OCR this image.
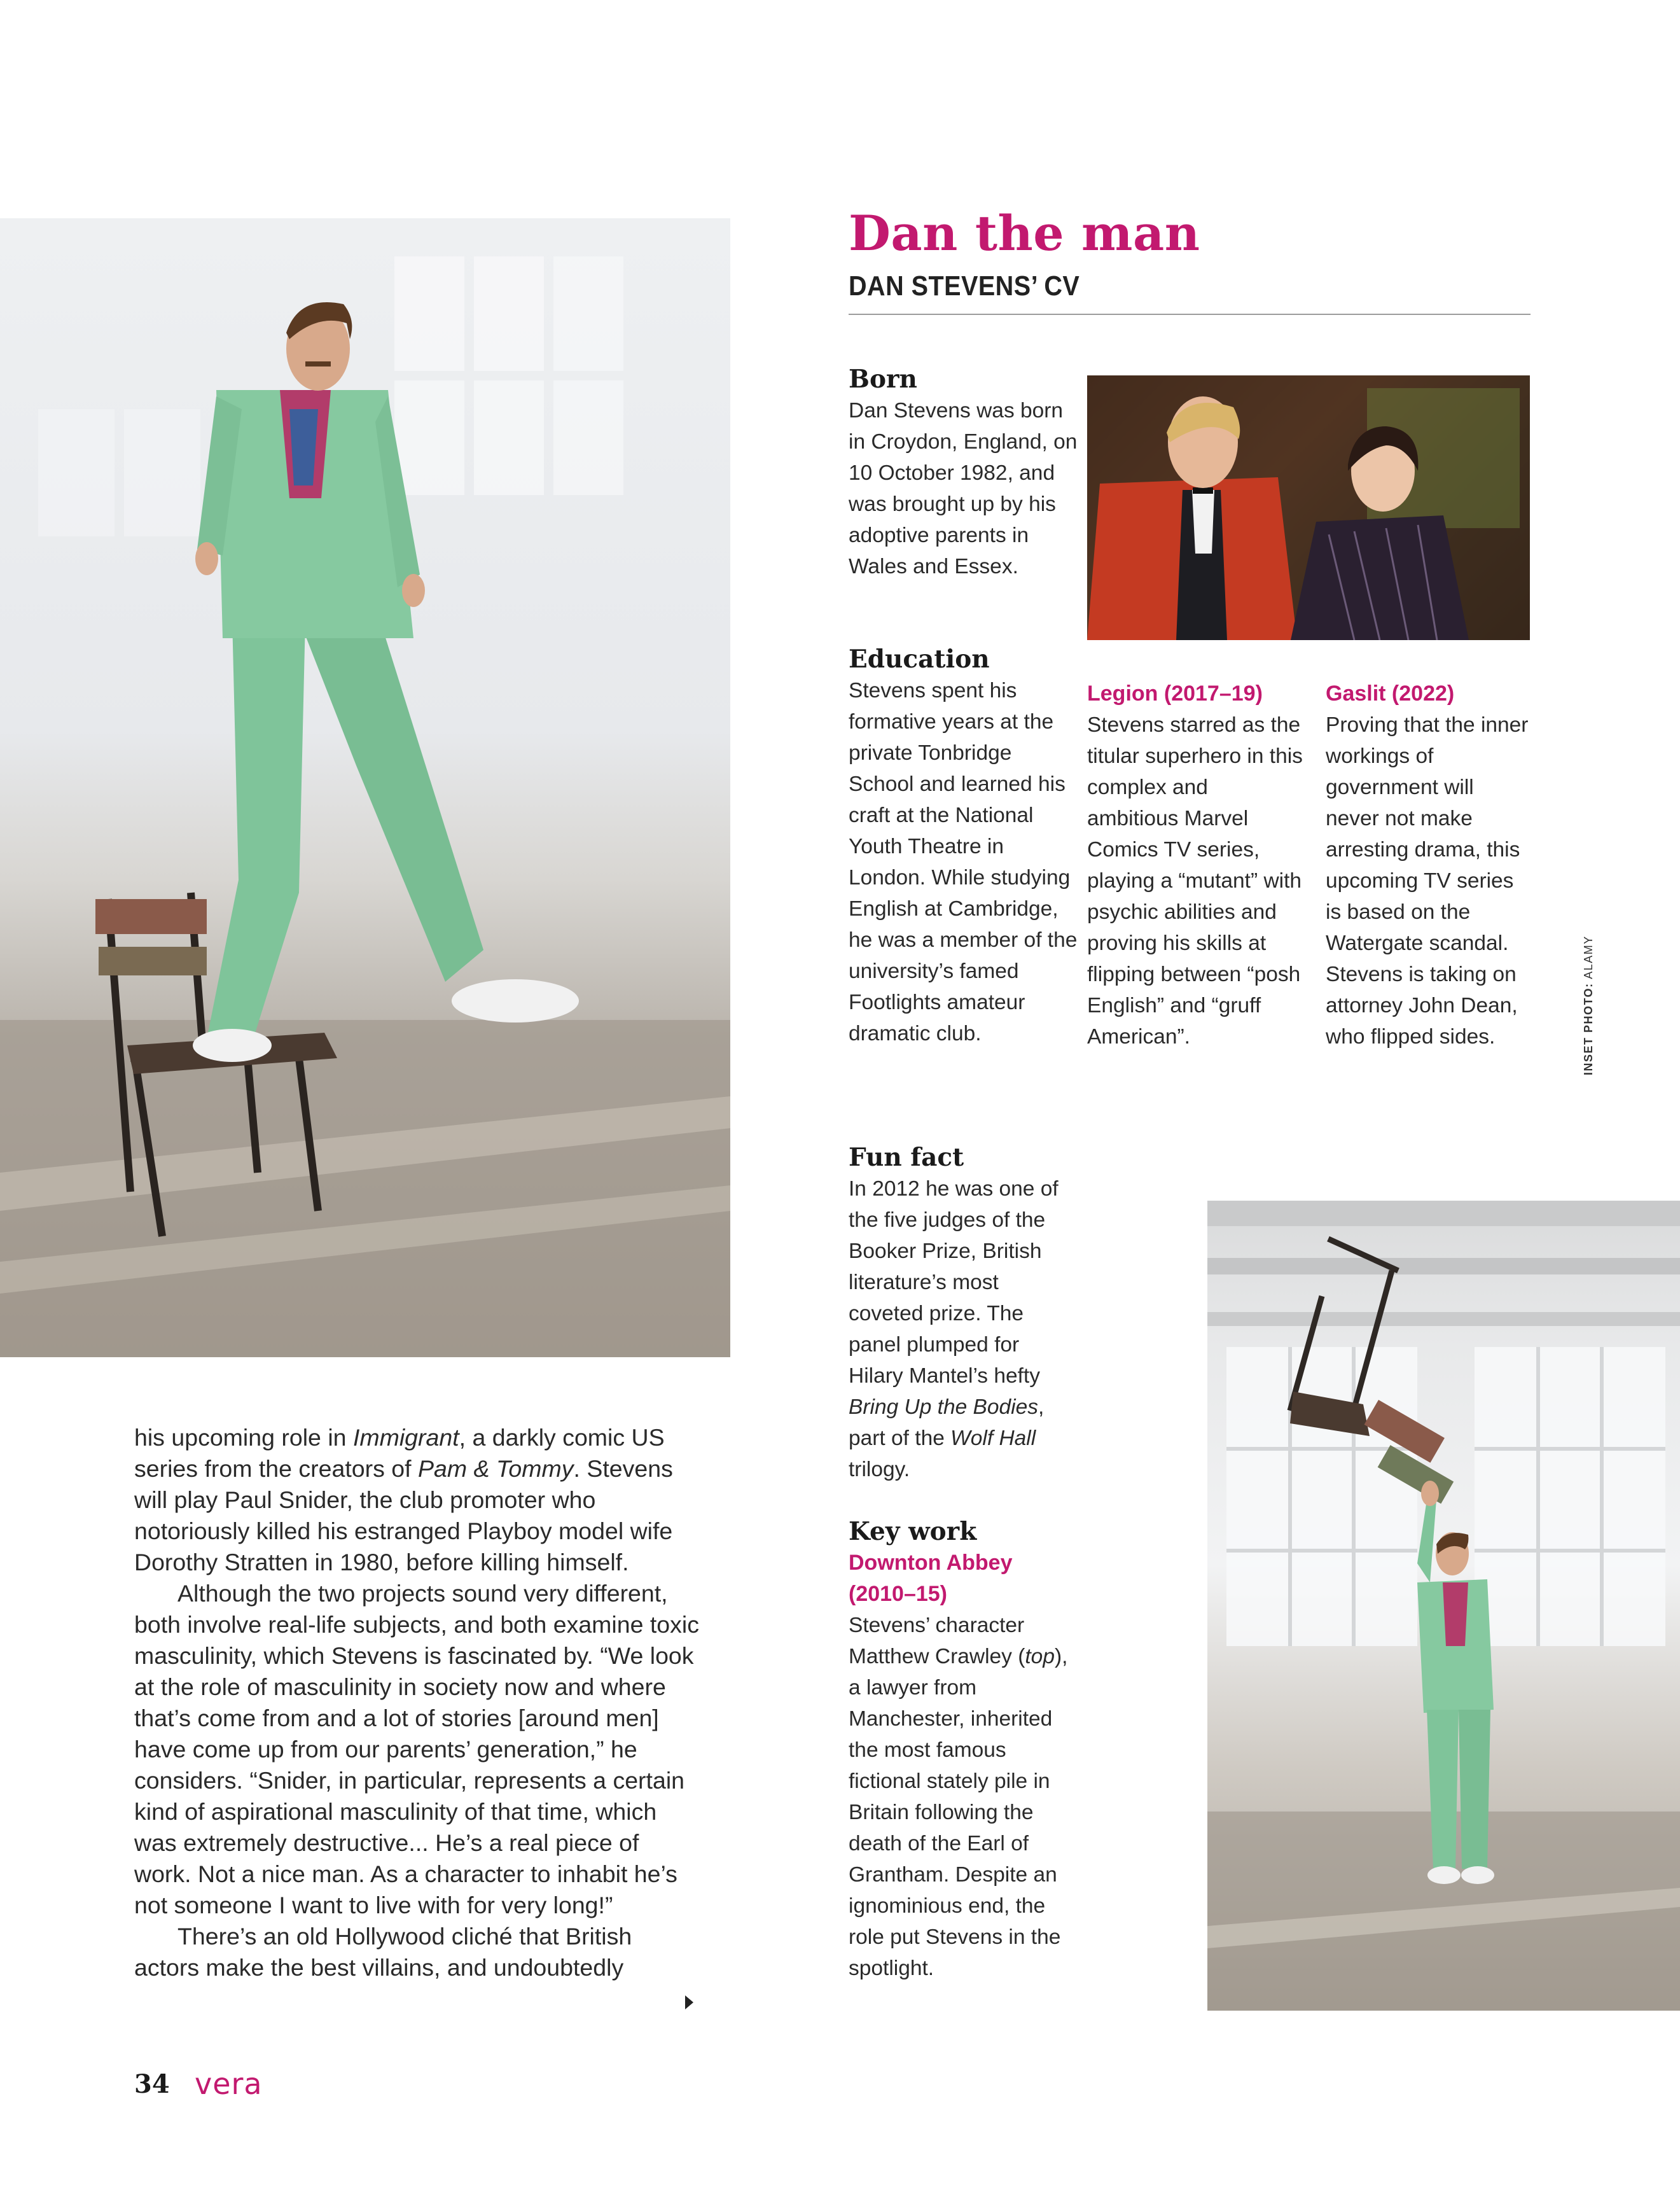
Dan the man
DAN STEVENS’ CV
Born

Dan Stevens was born in Croydon, England, on 10 October 1982, and was brought up by his adoptive parents in Wales and Essex.

Education

Stevens spent his formative years at the private Tonbridge School and learned his craft at the National Youth Theatre in London. While studying English at Cambridge, he was a member of the university’s famed Footlights amateur dramatic club.

Legion (2017–19)

Stevens starred as the titular superhero in this complex and ambitious Marvel Comics TV series, playing a “mutant” with psychic abilities and proving his skills at flipping between “posh English” and “gruff American”.

Gaslit (2022)

Proving that the inner workings of government will never not make arresting drama, this upcoming TV series is based on the Watergate scandal. Stevens is taking on attorney John Dean, who flipped sides.	INSET PHOTO: ALAMY
Fun fact

In 2012 he was one of the five judges of the Booker Prize, British literature’s most coveted prize. The panel plumped for Hilary Mantel’s hefty Bring Up the Bodies, part of the Wolf Hall trilogy.

Key work

Downton Abbey (2010–15)

Stevens’ character Matthew Crawley (top), a lawyer from Manchester, inherited the most famous fictional stately pile in Britain following the death of the Earl of Grantham. Despite an ignominious end, the role put Stevens in the spotlight.

his upcoming role in Immigrant, a darkly comic US series from the creators of Pam & Tommy. Stevens will play Paul Snider, the club promoter who notoriously killed his estranged Playboy model wife Dorothy Stratten in 1980, before killing himself.

Although the two projects sound very different, both involve real-life subjects, and both examine toxic masculinity, which Stevens is fascinated by. “We look at the role of masculinity in society now and where that’s come from and a lot of stories [around men] have come up from our parents’ generation,” he considers. “Snider, in particular, represents a certain kind of aspirational masculinity of that time, which was extremely destructive... He’s a real piece of work. Not a nice man. As a character to inhabit he’s not someone I want to live with for very long!”

There’s an old Hollywood cliché that British actors make the best villains, and undoubtedly

34 vera
